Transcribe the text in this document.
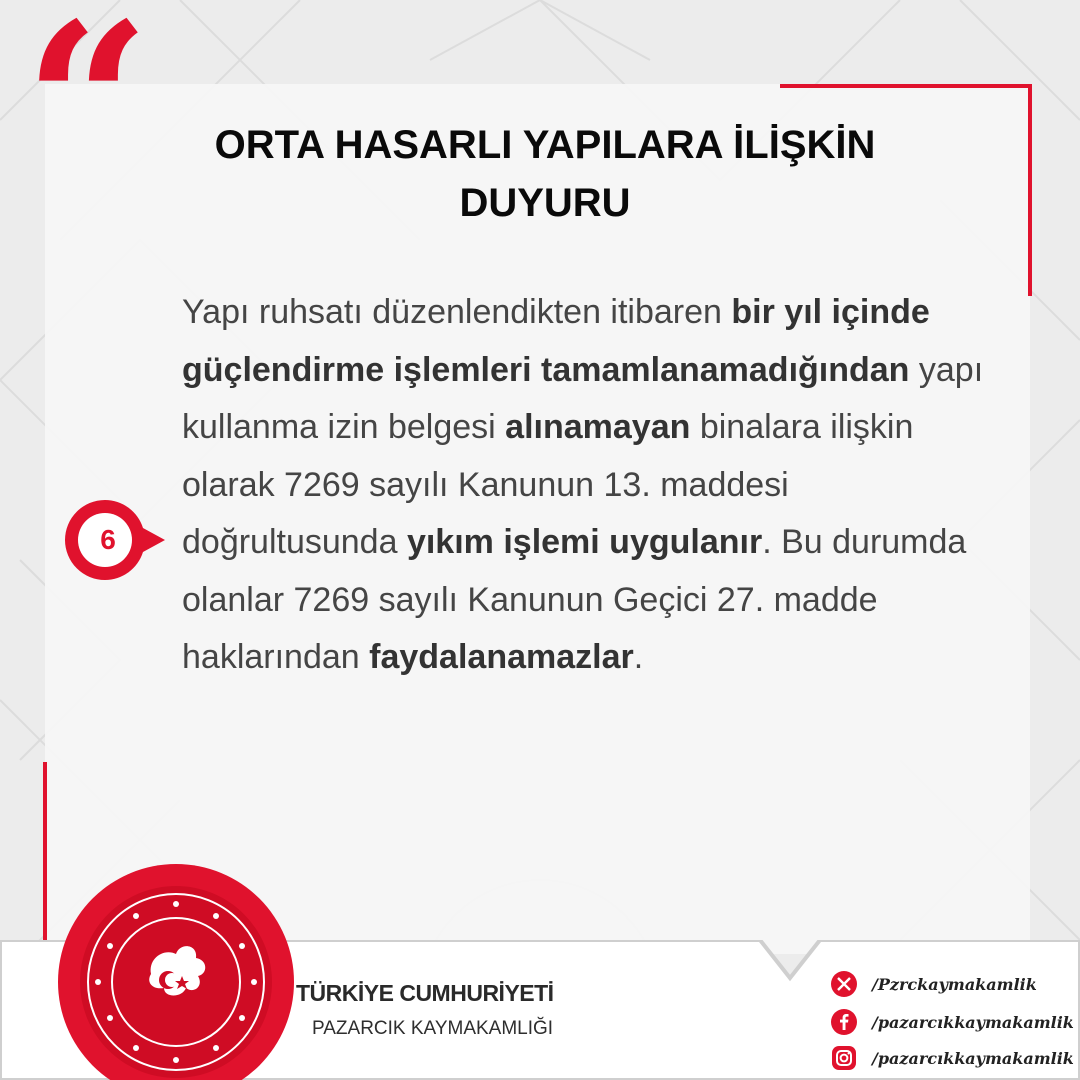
“	ORTA HASARLI YAPILARA İLİŞKİN
DUYURU
6
Yapı ruhsatı düzenlendikten itibaren bir yıl içinde güçlendirme işlemleri tamamlanamadığından yapı kullanma izin belgesi alınamayan binalara ilişkin olarak 7269 sayılı Kanunun 13. maddesi doğrultusunda yıkım işlemi uygulanır. Bu durumda olanlar 7269 sayılı Kanunun Geçici 27. madde haklarından faydalanamazlar.
TÜRKİYE CUMHURİYETİ
PAZARCIK KAYMAKAMLIĞI
/Pzrckaymakamlik
/pazarcıkkaymakamlik
/pazarcıkkaymakamlik
